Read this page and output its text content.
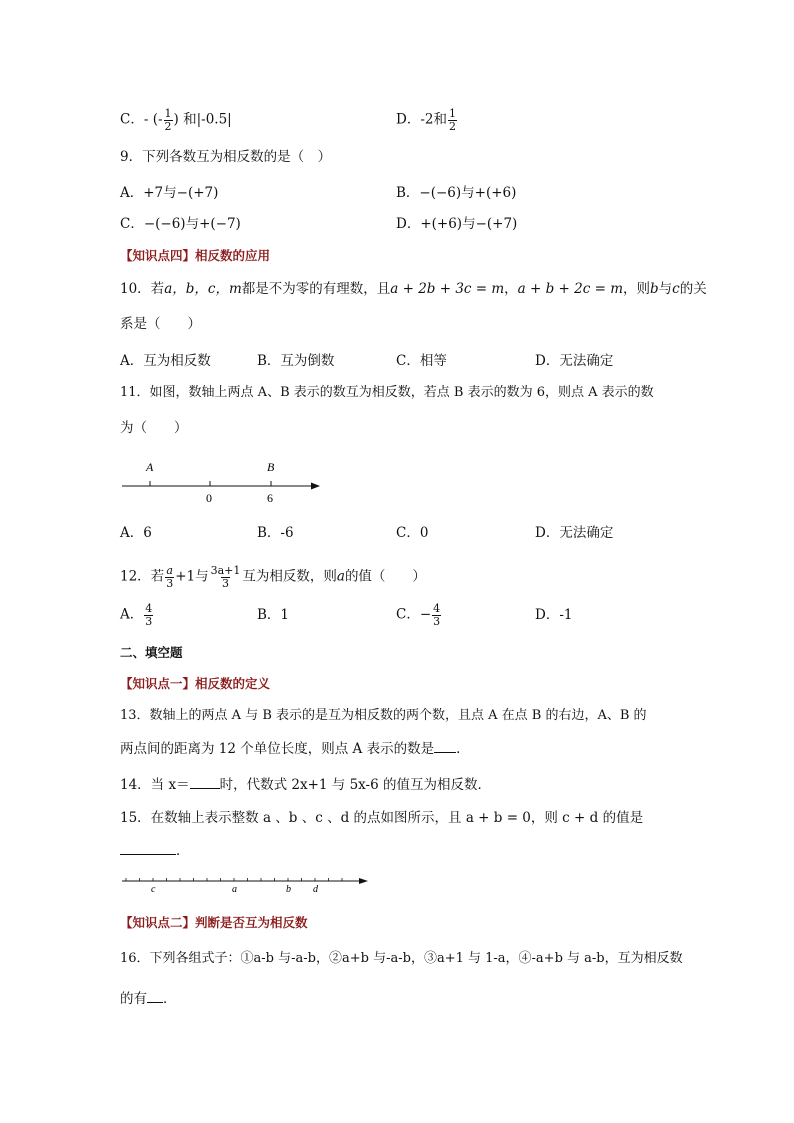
C．- (- $\frac{1}{2}$ ) 和|-0.5|	D．-2和 $\frac{1}{2}$
9．下列各数互为相反数的是（　）
A．+7与−(+7)	B．−(−6)与+(+6)
C．−(−6)与+(−7)	D．+(+6)与−(+7)
【知识点四】相反数的应用
10．若a，b，c，m都是不为零的有理数，且a + 2b + 3c = m，a + b + 2c = m，则b与c的关
系是（　　）
A．互为相反数	B．互为倒数	C．相等	D．无法确定
11．如图，数轴上两点 A、B 表示的数互为相反数，若点 B 表示的数为 6，则点 A 表示的数
为（　　）
A	B
0	6
A．6	B．-6	C．0	D．无法确定
12．若 $\frac{a}{3} +1$与 $\frac{3a+1}{3}$ 互为相反数，则a的值（　　）
A． $\frac{4}{3}$	B．1	C．− $\frac{4}{3}$	D．-1
二、填空题
【知识点一】相反数的定义
13．数轴上的两点 A 与 B 表示的是互为相反数的两个数，且点 A 在点 B 的右边，A、B 的
两点间的距离为 12 个单位长度，则点 A 表示的数是 ．
14．当 x＝ 时，代数式 2x+1 与 5x-6 的值互为相反数．
15．在数轴上表示整数 a 、b 、c 、d 的点如图所示，且 a + b = 0，则 c + d 的值是
．
c	a	b d
【知识点二】判断是否互为相反数
16．下列各组式子：①a-b 与-a-b，②a+b 与-a-b，③a+1 与 1-a，④-a+b 与 a-b，互为相反数
的有 ．
